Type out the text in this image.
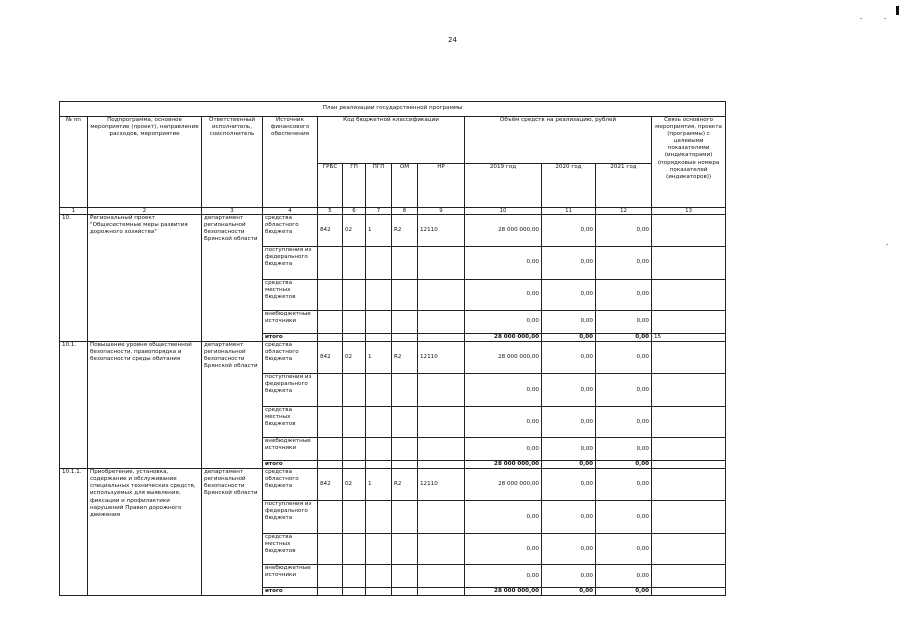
24
План реализации государственной программы												
№ пп	Подпрограмма, основное мероприятие (проект), направление расходов, мероприятие	Ответственный исполнитель, соисполнитель	Источник финансового обеспечения	Код бюджетной классификации					Объём средств на реализацию, рублей			Связь основного мероприятия, проекта (программы) с целевыми показателями (индикаторами) (порядковые номера показателей (индикаторов))
				ГРБС	ГП	ПГП	ОМ	НР	2019 год	2020 год	2021 год	
1	2	3	4	5	6	7	8	9	10	11	12	13
10.	Региональный проект "Общесистемные меры развития дорожного хозяйства"	департамент региональной безопасности Брянской области	средства областного бюджета	842	02	1	R2	12110	28 000 000,00	0,00	0,00	
			поступления из федерального бюджета						0,00	0,00	0,00	
			средства местных бюджетов						0,00	0,00	0,00	
			внебюджетные источники						0,00	0,00	0,00	
			итого						28 000 000,00	0,00	0,00	15
10.1.	Повышение уровня общественной безопасности, правопорядка и безопасности среды обитания	департамент региональной безопасности Брянской области	средства областного бюджета	842	02	1	R2	12110	28 000 000,00	0,00	0,00	
			поступления из федерального бюджета						0,00	0,00	0,00	
			средства местных бюджетов						0,00	0,00	0,00	
			внебюджетные источники						0,00	0,00	0,00	
			итого						28 000 000,00	0,00	0,00	
10.1.1.	Приобретение, установка, содержание и обслуживание специальных технических средств, используемых для выявления, фиксации и профилактики нарушений Правил дорожного движения	департамент региональной безопасности Брянской области	средства областного бюджета	842	02	1	R2	12110	28 000 000,00	0,00	0,00	
			поступления из федерального бюджета						0,00	0,00	0,00	
			средства местных бюджетов						0,00	0,00	0,00	
			внебюджетные источники						0,00	0,00	0,00	
			итого						28 000 000,00	0,00	0,00	
